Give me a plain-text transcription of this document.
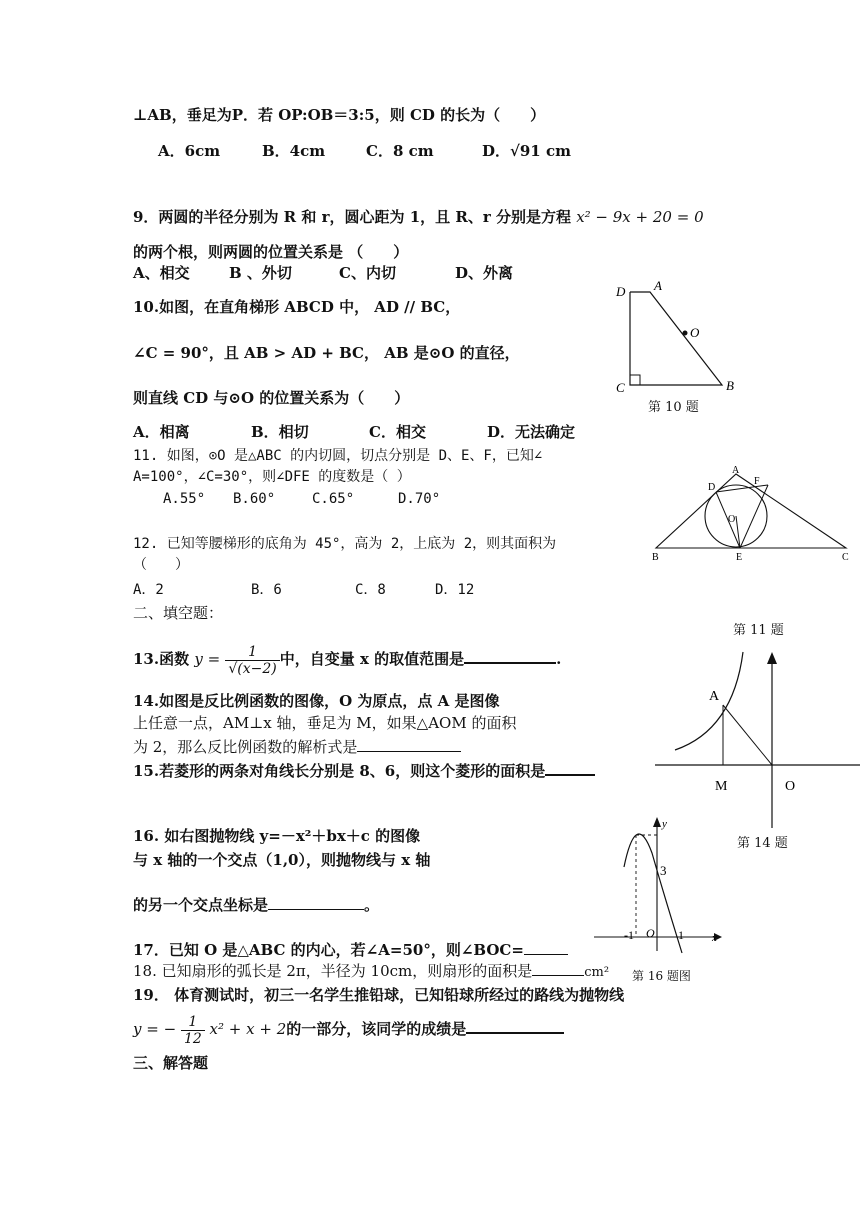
⊥AB，垂足为P．若 OP:OB＝3:5，则 CD 的长为（　　）
A．6cm	B．4cm	C．8 cm	D．√91 cm
9．两圆的半径分别为 R 和 r，圆心距为 1，且 R、r 分别是方程 x² − 9x + 20 = 0
的两个根，则两圆的位置关系是 （　　）
A、相交	B 、外切	C、内切	D、外离
10.如图，在直角梯形 ABCD 中， AD // BC，
∠C = 90°，且 AB > AD + BC， AB 是⊙O 的直径，
则直线 CD 与⊙O 的位置关系为（　　）
A．相离	B．相切	C．相交	D．无法确定
D A
O
C	B
第 10 题
11. 如图，⊙O 是△ABC 的内切圆，切点分别是 D、E、F，已知∠
A=100°，∠C=30°，则∠DFE 的度数是（ ）
A.55° B.60°	C.65°	D.70°
A
D
F
O
B	E	C
第 11 题
12. 已知等腰梯形的底角为 45°，高为 2，上底为 2，则其面积为
（　　）
A．2	B．6	C．8	D．12
二、填空题：
13.函数 $y = \frac{1}{√(x-2)}$ 中，自变量 x 的取值范围是	.
14.如图是反比例函数的图像，O 为原点，点 A 是图像
上任意一点，AM⊥x 轴，垂足为 M，如果△AOM 的面积
为 2，那么反比例函数的解析式是
A
M	O
第 14 题
15.若菱形的两条对角线长分别是 8、6，则这个菱形的面积是
16. 如右图抛物线 y=－x²＋bx＋c 的图像
与 x 轴的一个交点（1,0），则抛物线与 x 轴
的另一个交点坐标是	。
y
3
-1 O 1	x
第 16 题图
17．已知 O 是△ABC 的内心，若∠A=50°，则∠BOC=
18. 已知扇形的弧长是 2π，半径为 10cm，则扇形的面积是	cm²
19． 体育测试时，初三一名学生推铅球，已知铅球所经过的路线为抛物线
y = − $\frac{1}{12} x^2 + x + 2$的一部分，该同学的成绩是
三、解答题
